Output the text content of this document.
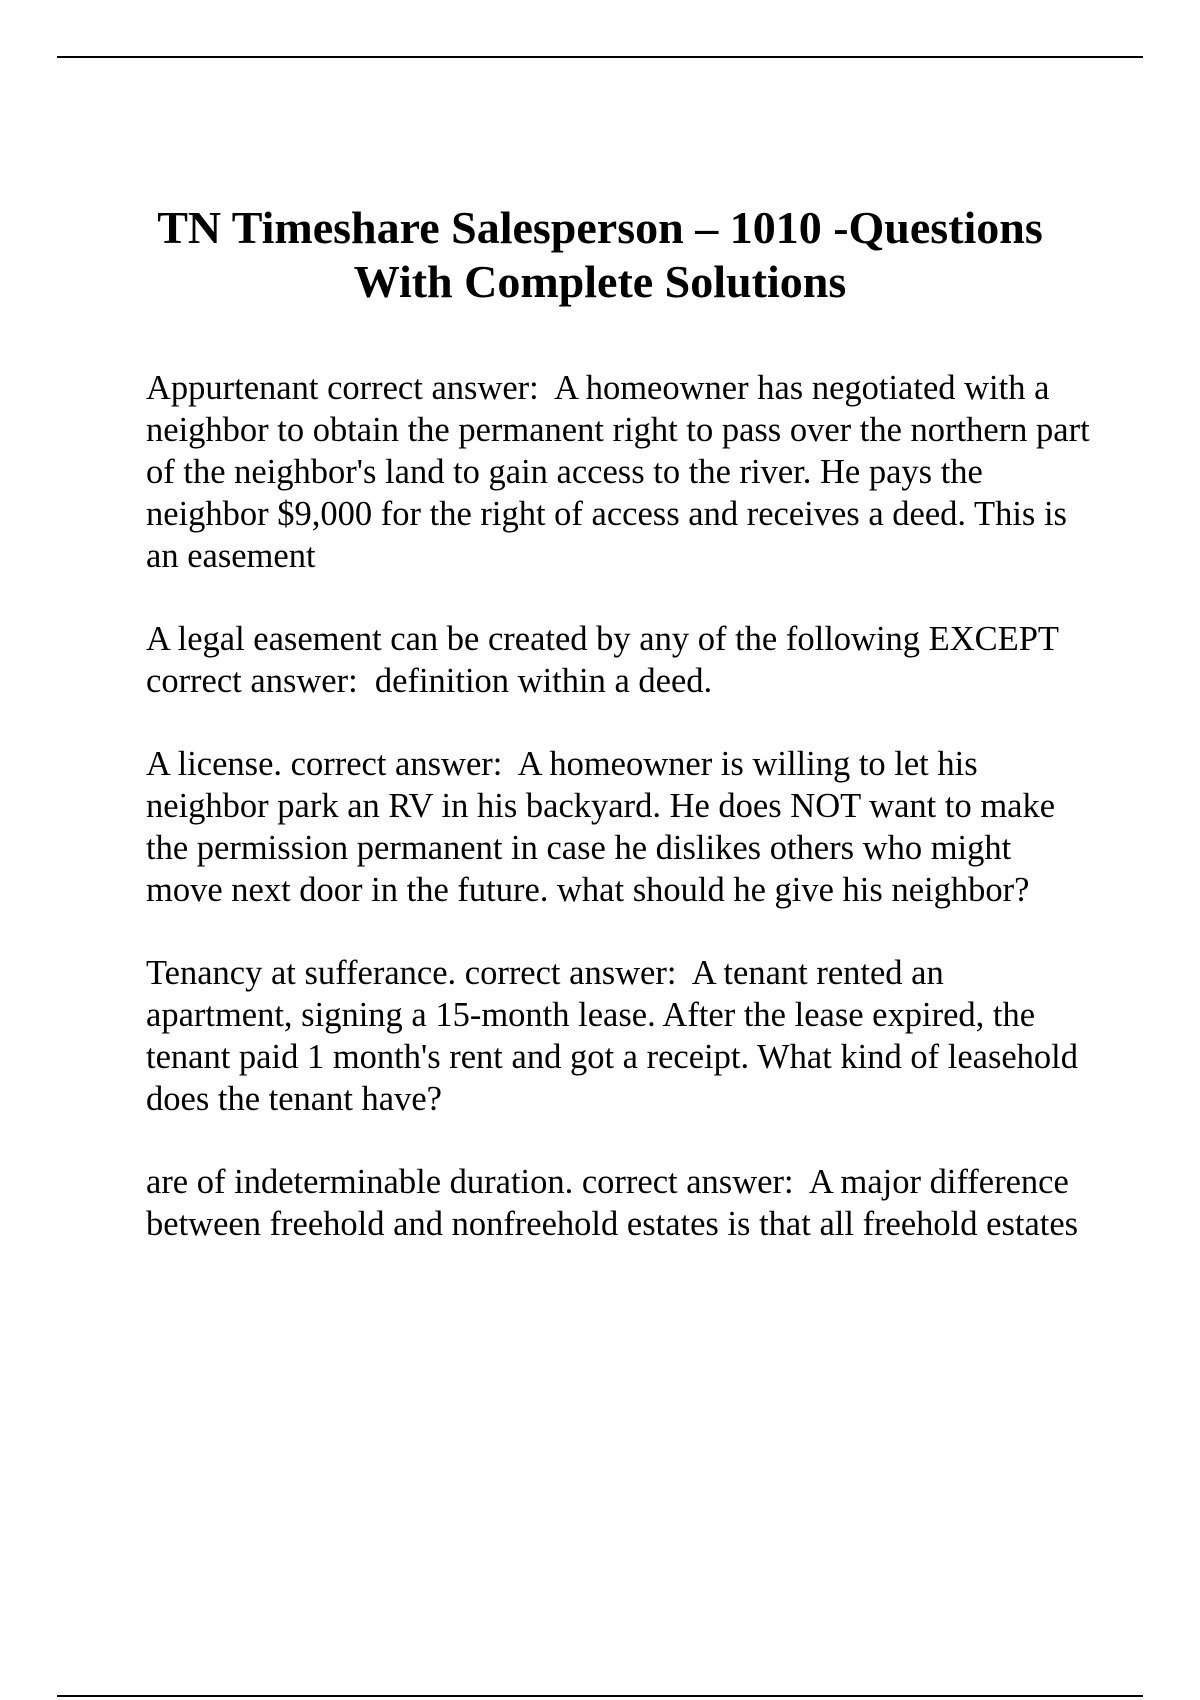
TN Timeshare Salesperson – 1010 -Questions
With Complete Solutions

Appurtenant correct answer:  A homeowner has negotiated with a neighbor to obtain the permanent right to pass over the northern part of the neighbor's land to gain access to the river. He pays the neighbor $9,000 for the right of access and receives a deed. This is an easement

A legal easement can be created by any of the following EXCEPT correct answer:  definition within a deed.

A license. correct answer:  A homeowner is willing to let his neighbor park an RV in his backyard. He does NOT want to make the permission permanent in case he dislikes others who might move next door in the future. what should he give his neighbor?

Tenancy at sufferance. correct answer:  A tenant rented an apartment, signing a 15-month lease. After the lease expired, the tenant paid 1 month's rent and got a receipt. What kind of leasehold does the tenant have?

are of indeterminable duration. correct answer:  A major difference between freehold and nonfreehold estates is that all freehold estates
